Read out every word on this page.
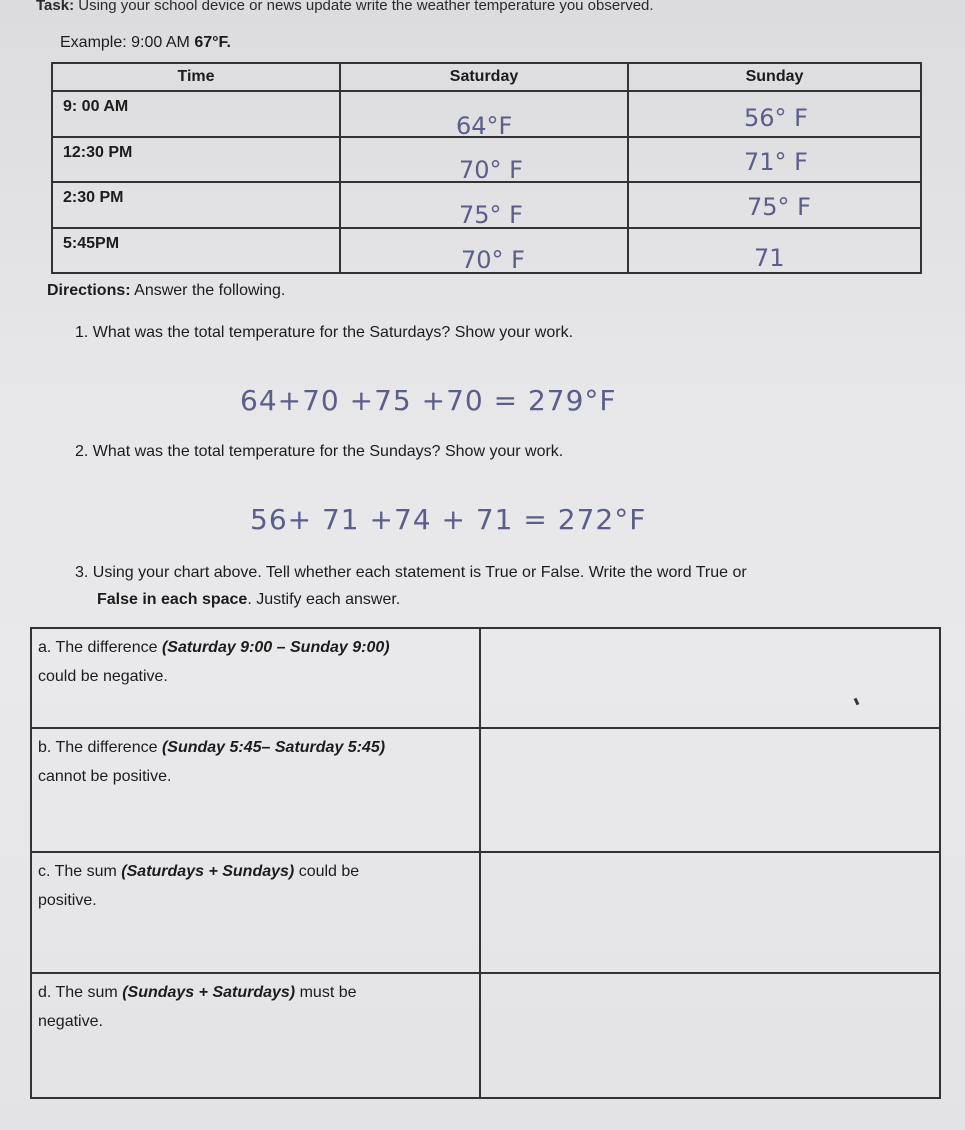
Task: Using your school device or news update write the weather temperature you observed.
Example: 9:00 AM 67°F.
Time	Saturday	Sunday
9: 00 AM	64°F	56° F

12:30 PM	70° F	71° F

2:30 PM	75° F	75° F

5:45PM	70° F	71
Directions: Answer the following.
1. What was the total temperature for the Saturdays? Show your work.
64+70 +75 +70 = 279°F
2. What was the total temperature for the Sundays? Show your work.
56+ 71 +74 + 71 = 272°F
3. Using your chart above. Tell whether each statement is True or False. Write the word True or
False in each space. Justify each answer.
a. The difference (Saturday 9:00 – Sunday 9:00)
could be negative.	
b. The difference (Sunday 5:45– Saturday 5:45)
cannot be positive.	
c. The sum (Saturdays + Sundays) could be
positive.	
d. The sum (Sundays + Saturdays) must be
negative.	
